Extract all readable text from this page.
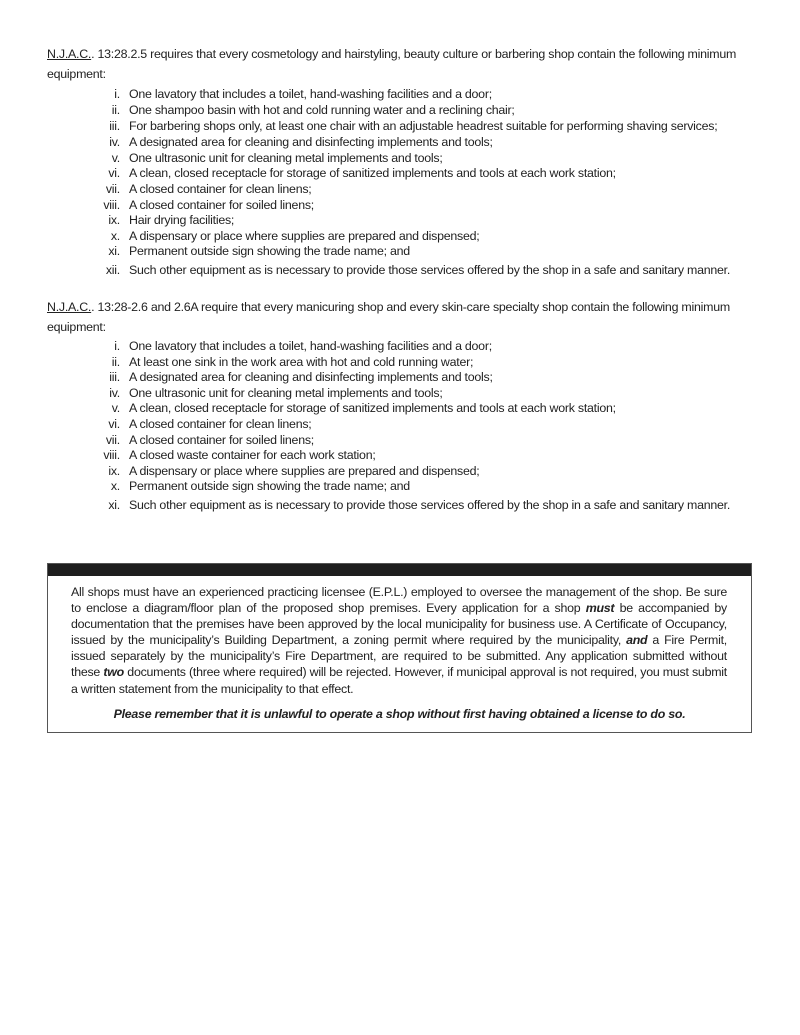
N.J.A.C.. 13:28.2.5 requires that every cosmetology and hairstyling, beauty culture or barbering shop contain the following minimum equipment:
i. One lavatory that includes a toilet, hand-washing facilities and a door;
ii. One shampoo basin with hot and cold running water and a reclining chair;
iii. For barbering shops only, at least one chair with an adjustable headrest suitable for performing shaving services;
iv. A designated area for cleaning and disinfecting implements and tools;
v. One ultrasonic unit for cleaning metal implements and tools;
vi. A clean, closed receptacle for storage of sanitized implements and tools at each work station;
vii. A closed container for clean linens;
viii. A closed container for soiled linens;
ix. Hair drying facilities;
x. A dispensary or place where supplies are prepared and dispensed;
xi. Permanent outside sign showing the trade name; and
xii. Such other equipment as is necessary to provide those services offered by the shop in a safe and sanitary manner.
N.J.A.C.. 13:28-2.6 and 2.6A require that every manicuring shop and every skin-care specialty shop contain the following minimum equipment:
i. One lavatory that includes a toilet, hand-washing facilities and a door;
ii. At least one sink in the work area with hot and cold running water;
iii. A designated area for cleaning and disinfecting implements and tools;
iv. One ultrasonic unit for cleaning metal implements and tools;
v. A clean, closed receptacle for storage of sanitized implements and tools at each work station;
vi. A closed container for clean linens;
vii. A closed container for soiled linens;
viii. A closed waste container for each work station;
ix. A dispensary or place where supplies are prepared and dispensed;
x. Permanent outside sign showing the trade name; and
xi. Such other equipment as is necessary to provide those services offered by the shop in a safe and sanitary manner.
All shops must have an experienced practicing licensee (E.P.L.) employed to oversee the management of the shop. Be sure to enclose a diagram/floor plan of the proposed shop premises. Every application for a shop must be accompanied by documentation that the premises have been approved by the local municipality for business use. A Certificate of Occupancy, issued by the municipality’s Building Department, a zoning permit where required by the municipality, and a Fire Permit, issued separately by the municipality’s Fire Department, are required to be submitted. Any application submitted without these two documents (three where required) will be rejected. However, if municipal approval is not required, you must submit a written statement from the municipality to that effect.
Please remember that it is unlawful to operate a shop without first having obtained a license to do so.
